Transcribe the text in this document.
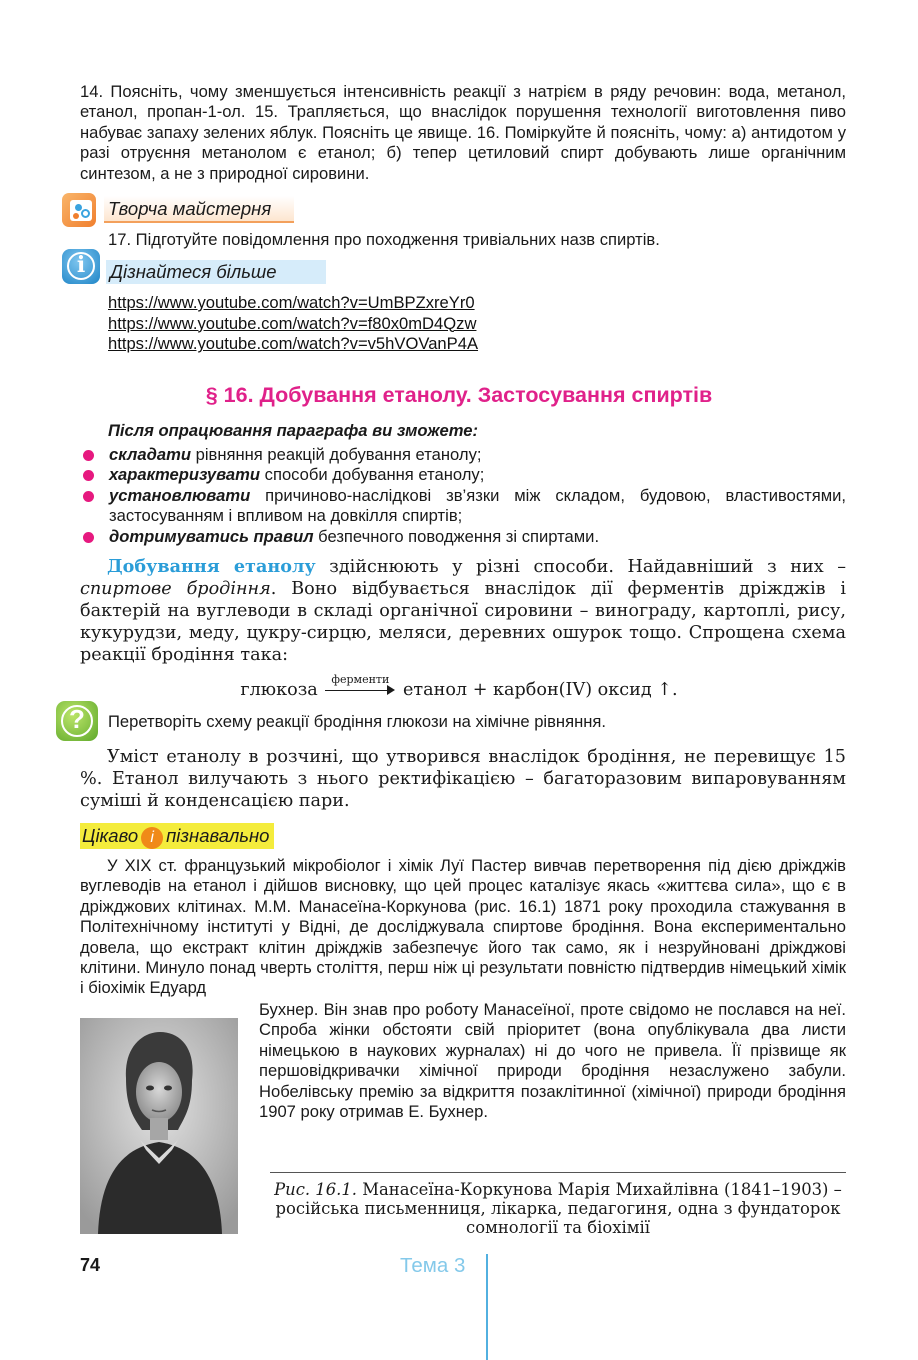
14. Поясніть, чому зменшується інтенсивність реакції з натрієм в ряду речовин: вода, метанол, етанол, пропан-1-ол. 15. Трапляється, що внаслідок порушення технології виготовлення пиво набуває запаху зелених яблук. Поясніть це явище. 16. Поміркуйте й поясніть, чому: а) антидотом у разі отруєння метанолом є етанол; б) тепер цетиловий спирт добувають лише органічним синтезом, а не з природної сировини.
Творча майстерня
17. Підготуйте повідомлення про походження тривіальних назв спиртів.
i	Дізнайтеся більше
https://www.youtube.com/watch?v=UmBPZxreYr0
https://www.youtube.com/watch?v=f80x0mD4Qzw
https://www.youtube.com/watch?v=v5hVOVanP4A
§ 16. Добування етанолу. Застосування спиртів
Після опрацювання параграфа ви зможете:
складати рівняння реакцій добування етанолу;
характеризувати способи добування етанолу;
установлювати причиново-наслідкові зв’язки між складом, будовою, властивостями, застосуванням і впливом на довкілля спиртів;
дотримуватись правил безпечного поводження зі спиртами.
Добування етанолу здійснюють у різні способи. Найдавніший з них – спиртове бродіння. Воно відбувається внаслідок дії ферментів дріжджів і бактерій на вуглеводи в складі органічної сировини – винограду, картоплі, рису, кукурудзи, меду, цукру-сирцю, меляси, деревних ошурок тощо. Спрощена схема реакції бродіння така:
глюкоза
ферменти
етанол + карбон(IV) оксид ↑.
?	Перетворіть схему реакції бродіння глюкози на хімічне рівняння.
Уміст етанолу в розчині, що утворився внаслідок бродіння, не перевищує 15 %. Етанол вилучають з нього ректифікацією – багаторазовим випаровуванням суміші й конденсацією пари.
Цікаво і пізнавально
У ХІХ ст. французький мікробіолог і хімік Луї Пастер вивчав перетворення під дією дріжджів вуглеводів на етанол і дійшов висновку, що цей процес каталізує якась «життєва сила», що є в дріжджових клітинах. М.М. Манасеїна-Коркунова (рис. 16.1) 1871 року проходила стажування в Політехнічному інституті у Відні, де досліджувала спиртове бродіння. Вона експериментально довела, що екстракт клітин дріжджів забезпечує його так само, як і незруйновані дріжджові клітини. Минуло понад чверть століття, перш ніж ці результати повністю підтвердив німецький хімік і біохімік Едуард
Бухнер. Він знав про роботу Манасеїної, проте свідомо не послався на неї. Спроба жінки обстояти свій пріоритет (вона опублікувала два листи німецькою в наукових журналах) ні до чого не привела. Її прізвище як першовідкривачки хімічної природи бродіння незаслужено забули. Нобелівську премію за відкриття позаклітинної (хімічної) природи бродіння 1907 року отримав Е. Бухнер.
Рис. 16.1. Манасеїна-Коркунова Марія Михайлівна (1841–1903) – російська письменниця, лікарка, педагогиня, одна з фундаторок сомнології та біохімії
74	Тема 3
